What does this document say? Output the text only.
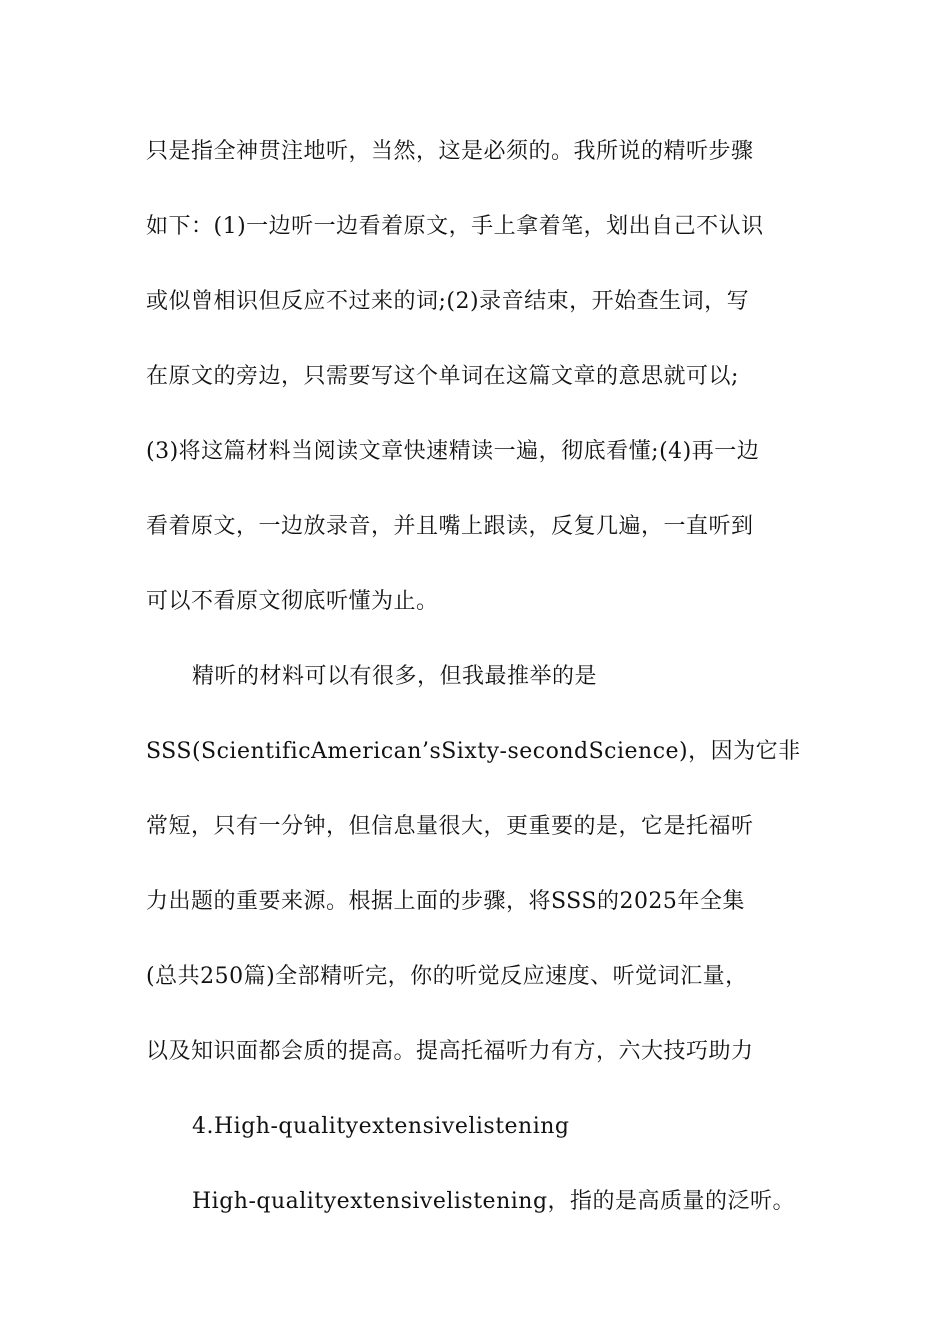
只是指全神贯注地听，当然，这是必须的。我所说的精听步骤
如下：(1)一边听一边看着原文，手上拿着笔，划出自己不认识
或似曾相识但反应不过来的词;(2)录音结束，开始查生词，写
在原文的旁边，只需要写这个单词在这篇文章的意思就可以;
(3)将这篇材料当阅读文章快速精读一遍，彻底看懂;(4)再一边
看着原文，一边放录音，并且嘴上跟读，反复几遍，一直听到
可以不看原文彻底听懂为止。
精听的材料可以有很多，但我最推举的是
SSS(ScientificAmerican’sSixty-secondScience)，因为它非
常短，只有一分钟，但信息量很大，更重要的是，它是托福听
力出题的重要来源。根据上面的步骤，将SSS的2025年全集
(总共250篇)全部精听完，你的听觉反应速度、听觉词汇量，
以及知识面都会质的提高。提高托福听力有方，六大技巧助力
4.High-qualityextensivelistening
High-qualityextensivelistening，指的是高质量的泛听。
